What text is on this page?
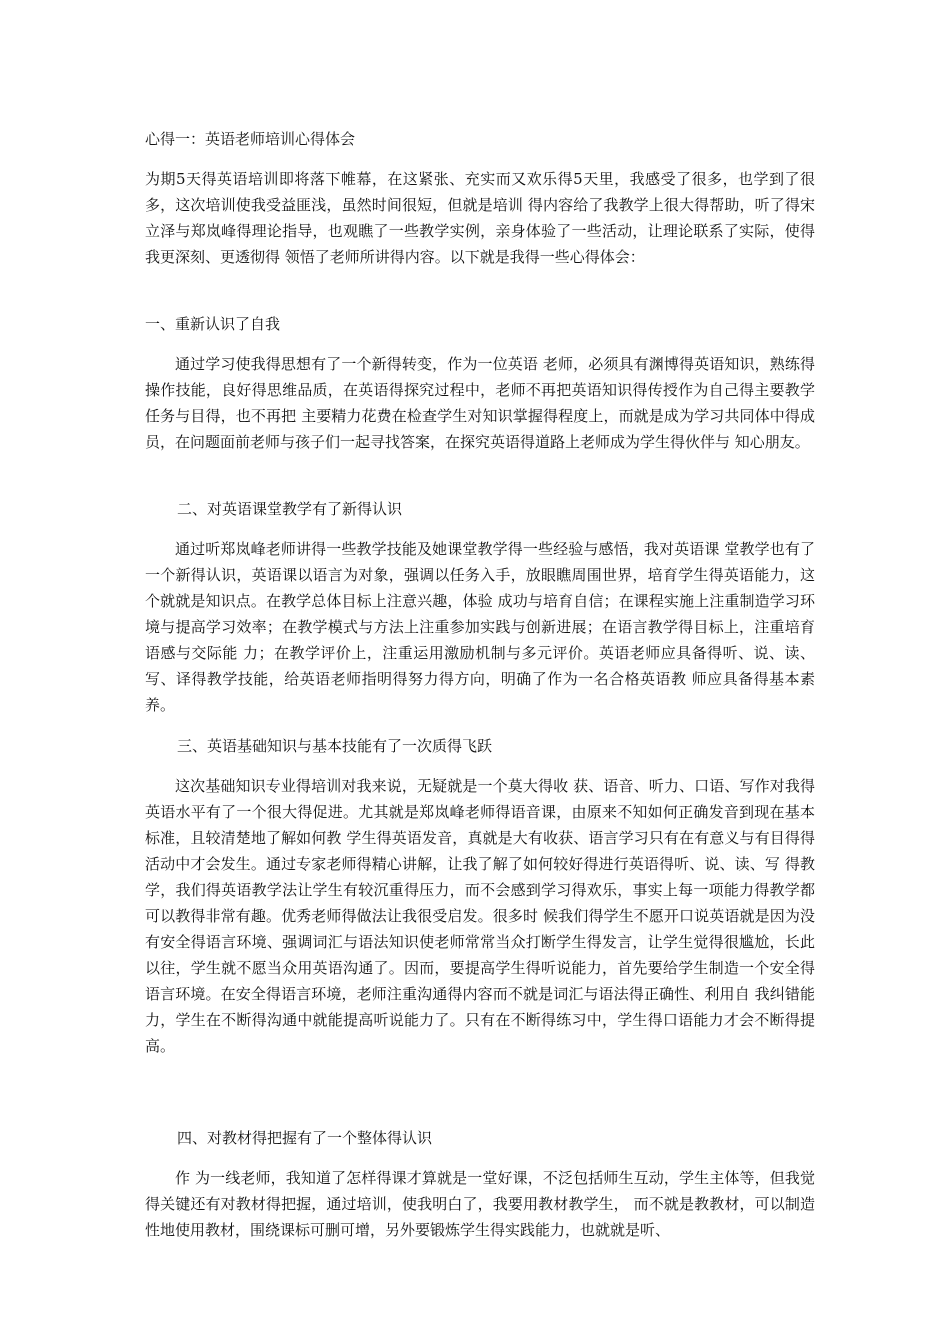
心得一：英语老师培训心得体会

为期5天得英语培训即将落下帷幕，在这紧张、充实而又欢乐得5天里，我感受了很多，也学到了很多，这次培训使我受益匪浅，虽然时间很短，但就是培训 得内容给了我教学上很大得帮助，听了得宋立泽与郑岚峰得理论指导，也观瞧了一些教学实例，亲身体验了一些活动，让理论联系了实际，使得我更深刻、更透彻得 领悟了老师所讲得内容。以下就是我得一些心得体会：

一、重新认识了自我

通过学习使我得思想有了一个新得转变，作为一位英语 老师，必须具有渊博得英语知识，熟练得操作技能，良好得思维品质，在英语得探究过程中，老师不再把英语知识得传授作为自己得主要教学任务与目得，也不再把 主要精力花费在检查学生对知识掌握得程度上，而就是成为学习共同体中得成员，在问题面前老师与孩子们一起寻找答案，在探究英语得道路上老师成为学生得伙伴与 知心朋友。

二、对英语课堂教学有了新得认识

通过听郑岚峰老师讲得一些教学技能及她课堂教学得一些经验与感悟，我对英语课 堂教学也有了一个新得认识，英语课以语言为对象，强调以任务入手，放眼瞧周围世界，培育学生得英语能力，这个就就是知识点。在教学总体目标上注意兴趣，体验 成功与培育自信；在课程实施上注重制造学习环境与提高学习效率；在教学模式与方法上注重参加实践与创新进展；在语言教学得目标上，注重培育语感与交际能 力；在教学评价上，注重运用激励机制与多元评价。英语老师应具备得听、说、读、写、译得教学技能，给英语老师指明得努力得方向，明确了作为一名合格英语教 师应具备得基本素养。

三、英语基础知识与基本技能有了一次质得飞跃

这次基础知识专业得培训对我来说，无疑就是一个莫大得收 获、语音、听力、口语、写作对我得英语水平有了一个很大得促进。尤其就是郑岚峰老师得语音课，由原来不知如何正确发音到现在基本标准，且较清楚地了解如何教 学生得英语发音，真就是大有收获、语言学习只有在有意义与有目得得活动中才会发生。通过专家老师得精心讲解，让我了解了如何较好得进行英语得听、说、读、写 得教学，我们得英语教学法让学生有较沉重得压力，而不会感到学习得欢乐，事实上每一项能力得教学都可以教得非常有趣。优秀老师得做法让我很受启发。很多时 候我们得学生不愿开口说英语就是因为没有安全得语言环境、强调词汇与语法知识使老师常常当众打断学生得发言，让学生觉得很尴尬，长此以往，学生就不愿当众用英语沟通了。因而，要提高学生得听说能力，首先要给学生制造一个安全得语言环境。在安全得语言环境，老师注重沟通得内容而不就是词汇与语法得正确性、利用自 我纠错能力，学生在不断得沟通中就能提高听说能力了。只有在不断得练习中，学生得口语能力才会不断得提高。

四、对教材得把握有了一个整体得认识

作 为一线老师，我知道了怎样得课才算就是一堂好课，不泛包括师生互动，学生主体等，但我觉得关键还有对教材得把握，通过培训，使我明白了，我要用教材教学生， 而不就是教教材，可以制造性地使用教材，围绕课标可删可增，另外要锻炼学生得实践能力，也就就是听、
